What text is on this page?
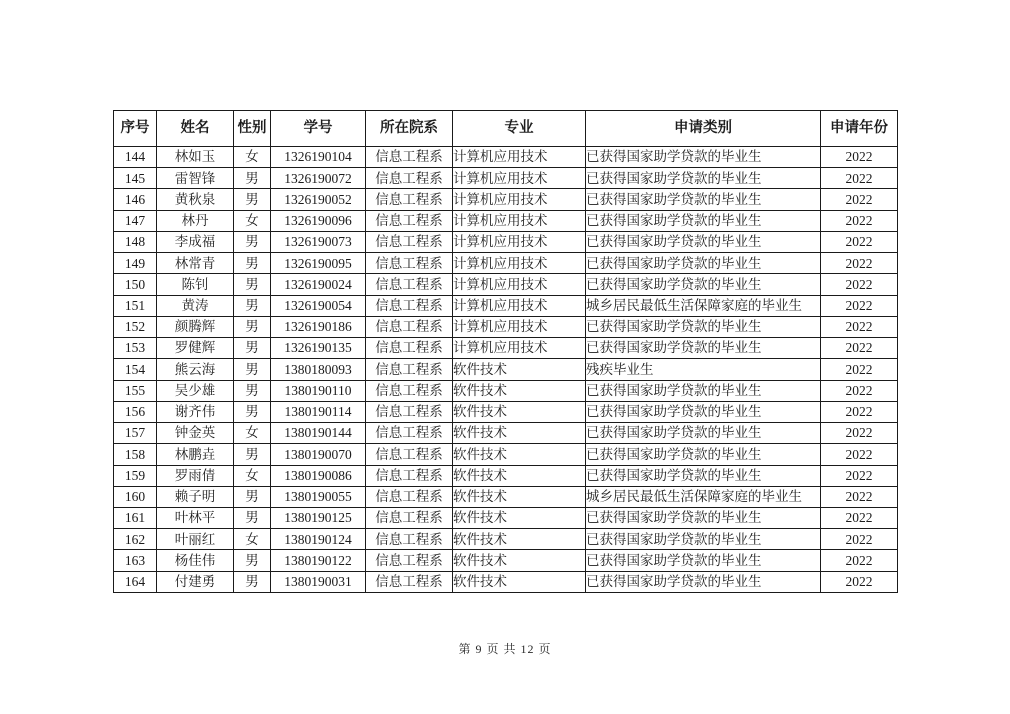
序号	姓名	性别	学号	所在院系	专业	申请类别	申请年份
144	林如玉	女	1326190104	信息工程系	计算机应用技术	已获得国家助学贷款的毕业生	2022
145	雷智锋	男	1326190072	信息工程系	计算机应用技术	已获得国家助学贷款的毕业生	2022
146	黄秋泉	男	1326190052	信息工程系	计算机应用技术	已获得国家助学贷款的毕业生	2022
147	林丹	女	1326190096	信息工程系	计算机应用技术	已获得国家助学贷款的毕业生	2022
148	李成福	男	1326190073	信息工程系	计算机应用技术	已获得国家助学贷款的毕业生	2022
149	林常青	男	1326190095	信息工程系	计算机应用技术	已获得国家助学贷款的毕业生	2022
150	陈钊	男	1326190024	信息工程系	计算机应用技术	已获得国家助学贷款的毕业生	2022
151	黄涛	男	1326190054	信息工程系	计算机应用技术	城乡居民最低生活保障家庭的毕业生	2022
152	颜腾辉	男	1326190186	信息工程系	计算机应用技术	已获得国家助学贷款的毕业生	2022
153	罗健辉	男	1326190135	信息工程系	计算机应用技术	已获得国家助学贷款的毕业生	2022
154	熊云海	男	1380180093	信息工程系	软件技术	残疾毕业生	2022
155	吴少雄	男	1380190110	信息工程系	软件技术	已获得国家助学贷款的毕业生	2022
156	谢齐伟	男	1380190114	信息工程系	软件技术	已获得国家助学贷款的毕业生	2022
157	钟金英	女	1380190144	信息工程系	软件技术	已获得国家助学贷款的毕业生	2022
158	林鹏垚	男	1380190070	信息工程系	软件技术	已获得国家助学贷款的毕业生	2022
159	罗雨倩	女	1380190086	信息工程系	软件技术	已获得国家助学贷款的毕业生	2022
160	赖子明	男	1380190055	信息工程系	软件技术	城乡居民最低生活保障家庭的毕业生	2022
161	叶林平	男	1380190125	信息工程系	软件技术	已获得国家助学贷款的毕业生	2022
162	叶丽红	女	1380190124	信息工程系	软件技术	已获得国家助学贷款的毕业生	2022
163	杨佳伟	男	1380190122	信息工程系	软件技术	已获得国家助学贷款的毕业生	2022
164	付建勇	男	1380190031	信息工程系	软件技术	已获得国家助学贷款的毕业生	2022
第 9 页 共 12 页
